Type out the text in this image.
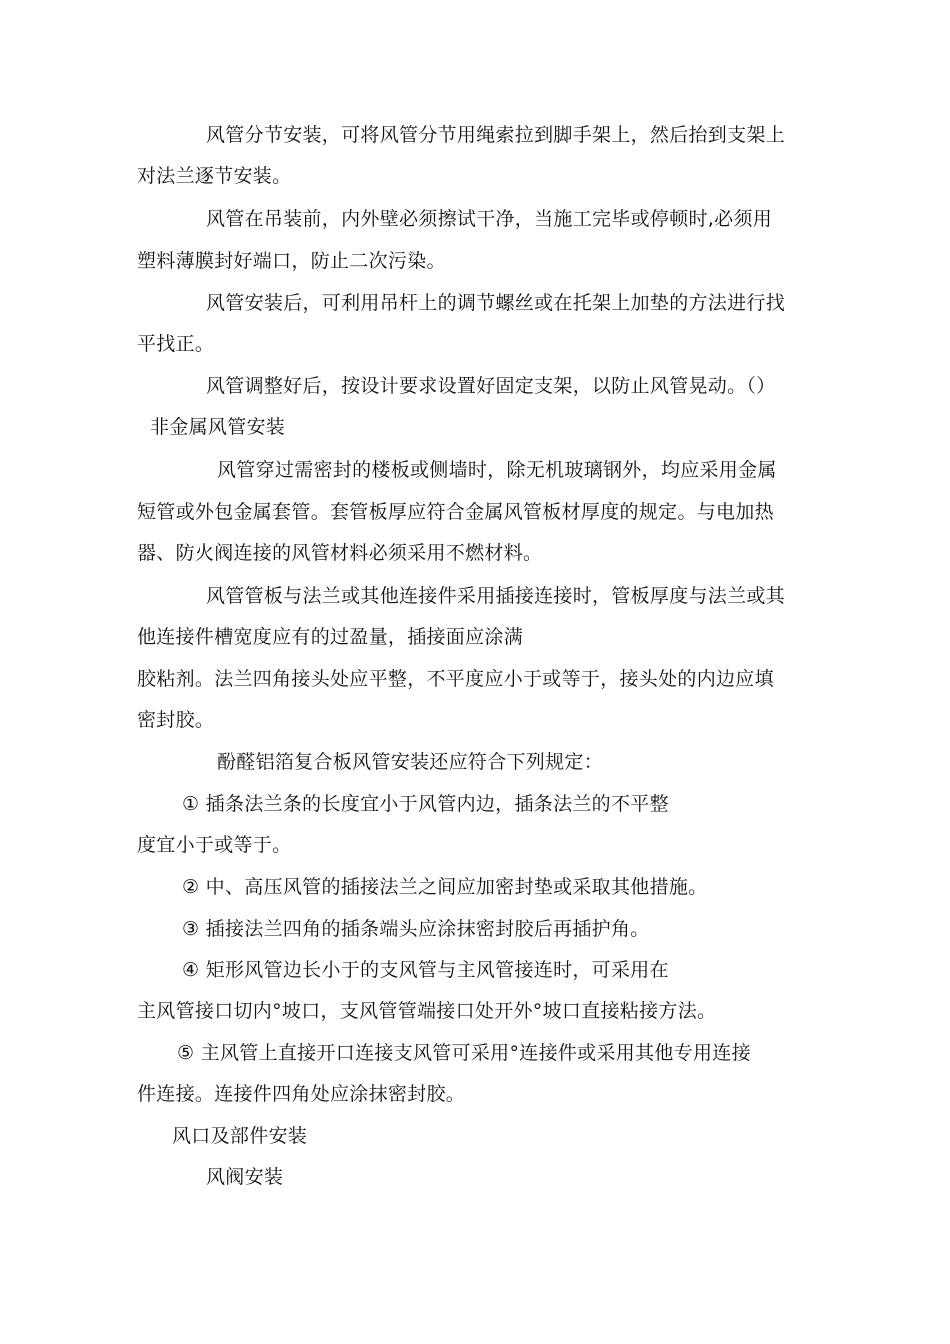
风管分节安装，可将风管分节用绳索拉到脚手架上，然后抬到支架上
对法兰逐节安装。
风管在吊装前，内外壁必须擦试干净，当施工完毕或停顿时,必须用
塑料薄膜封好端口，防止二次污染。
风管安装后，可利用吊杆上的调节螺丝或在托架上加垫的方法进行找
平找正。
风管调整好后，按设计要求设置好固定支架，以防止风管晃动。（）
非金属风管安装
风管穿过需密封的楼板或侧墙时，除无机玻璃钢外，均应采用金属
短管或外包金属套管。套管板厚应符合金属风管板材厚度的规定。与电加热
器、防火阀连接的风管材料必须采用不燃材料。
风管管板与法兰或其他连接件采用插接连接时，管板厚度与法兰或其
他连接件槽宽度应有的过盈量，插接面应涂满
胶粘剂。法兰四角接头处应平整，不平度应小于或等于，接头处的内边应填
密封胶。
酚醛铝箔复合板风管安装还应符合下列规定：
① 插条法兰条的长度宜小于风管内边，插条法兰的不平整
度宜小于或等于。
② 中、高压风管的插接法兰之间应加密封垫或采取其他措施。
③ 插接法兰四角的插条端头应涂抹密封胶后再插护角。
④ 矩形风管边长小于的支风管与主风管接连时，可采用在
主风管接口切内°坡口，支风管管端接口处开外°坡口直接粘接方法。
⑤ 主风管上直接开口连接支风管可采用°连接件或采用其他专用连接
件连接。连接件四角处应涂抹密封胶。
风口及部件安装
风阀安装
